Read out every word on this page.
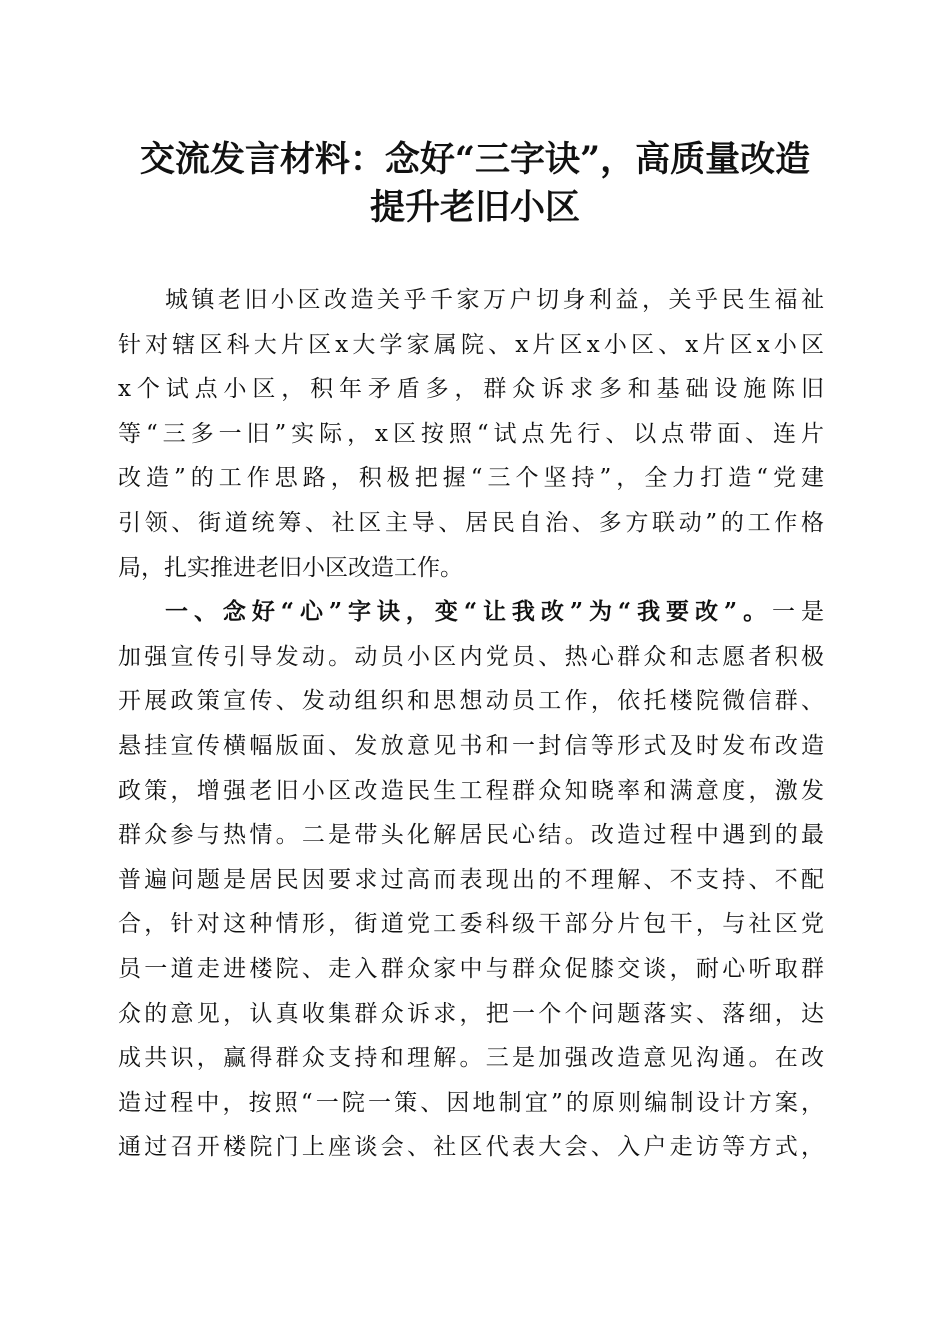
交流发言材料：念好“三字诀”，高质量改造
提升老旧小区
城镇老旧小区改造关乎千家万户切身利益，关乎民生福祉
针对辖区科大片区x大学家属院、x片区x小区、x片区x小区
x个试点小区，积年矛盾多，群众诉求多和基础设施陈旧
等“三多一旧”实际，x区按照“试点先行、以点带面、连片
改造”的工作思路，积极把握“三个坚持”，全力打造“党建
引领、街道统筹、社区主导、居民自治、多方联动”的工作格
局，扎实推进老旧小区改造工作。
一、念好“心”字诀，变“让我改”为“我要改”。一是
加强宣传引导发动。动员小区内党员、热心群众和志愿者积极
开展政策宣传、发动组织和思想动员工作，依托楼院微信群、
悬挂宣传横幅版面、发放意见书和一封信等形式及时发布改造
政策，增强老旧小区改造民生工程群众知晓率和满意度，激发
群众参与热情。二是带头化解居民心结。改造过程中遇到的最
普遍问题是居民因要求过高而表现出的不理解、不支持、不配
合，针对这种情形，街道党工委科级干部分片包干，与社区党
员一道走进楼院、走入群众家中与群众促膝交谈，耐心听取群
众的意见，认真收集群众诉求，把一个个问题落实、落细，达
成共识，赢得群众支持和理解。三是加强改造意见沟通。在改
造过程中，按照“一院一策、因地制宜”的原则编制设计方案，
通过召开楼院门上座谈会、社区代表大会、入户走访等方式，
